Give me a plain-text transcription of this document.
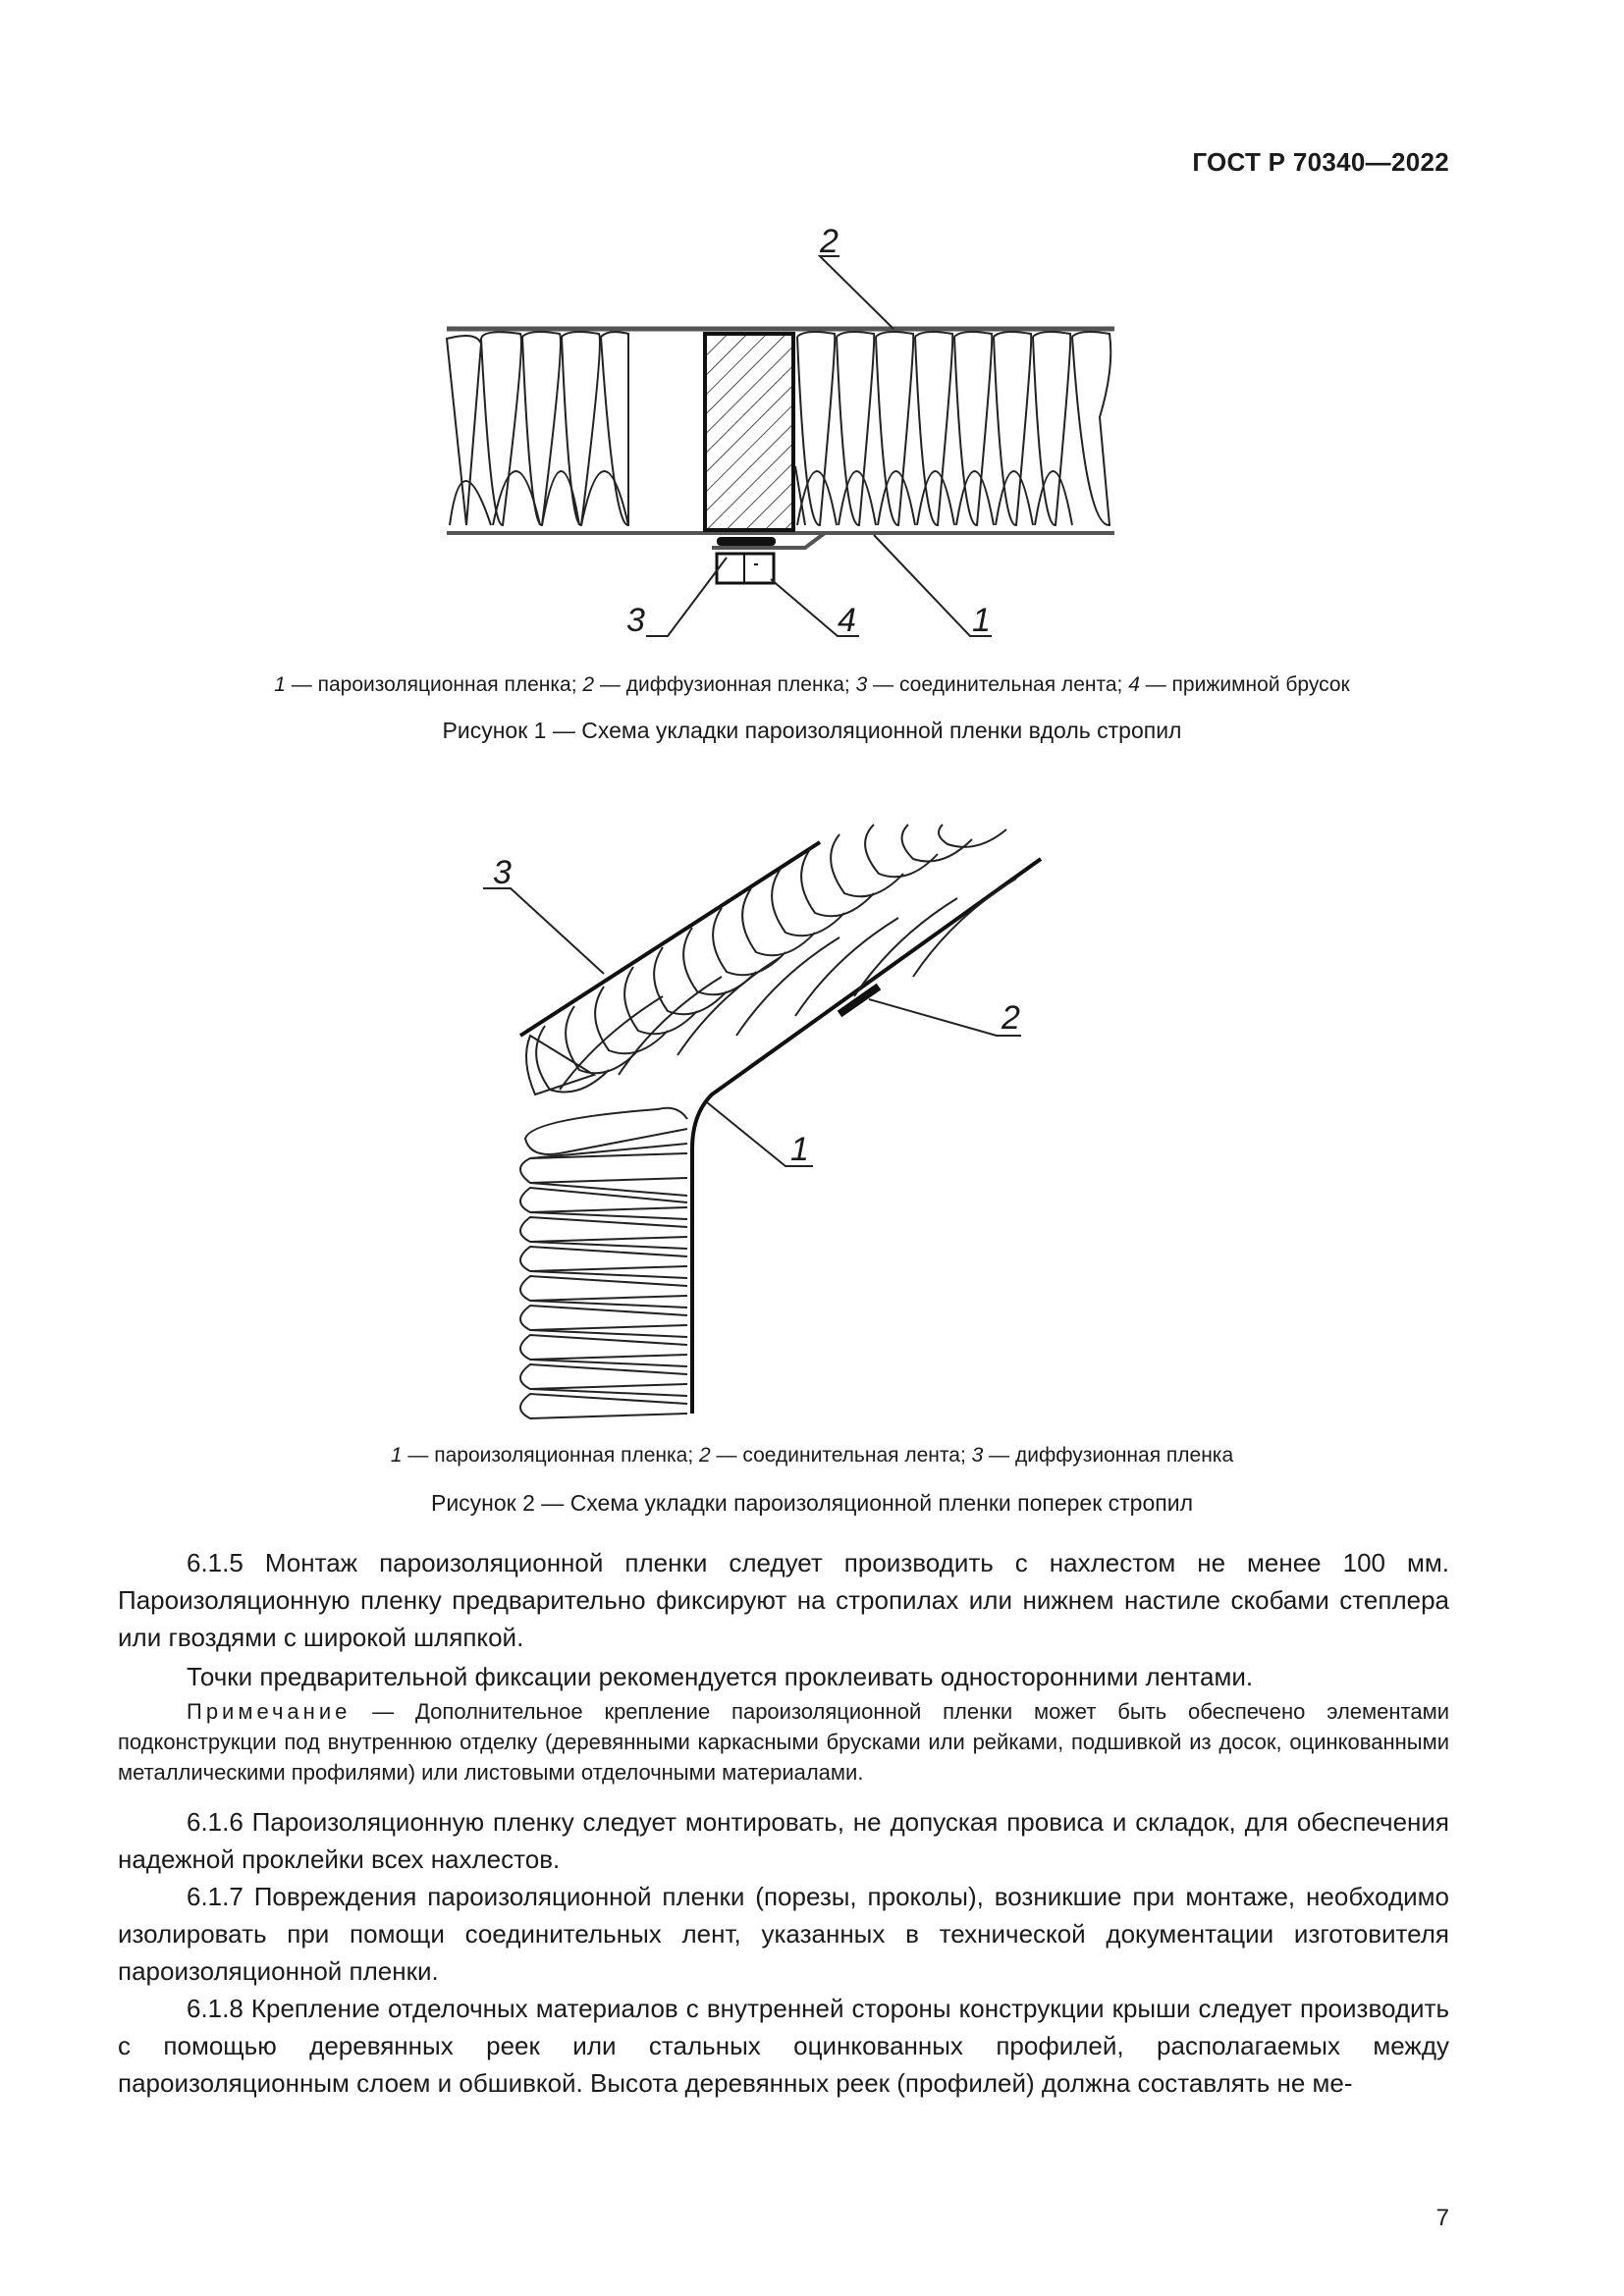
ГОСТ Р 70340—2022
2
3	4	1
1 — пароизоляционная пленка; 2 — диффузионная пленка; 3 — соединительная лента; 4 — прижимной брусок
Рисунок 1 — Схема укладки пароизоляционной пленки вдоль стропил
3
2
1
1 — пароизоляционная пленка; 2 — соединительная лента; 3 — диффузионная пленка
Рисунок 2 — Схема укладки пароизоляционной пленки поперек стропил

6.1.5 Монтаж пароизоляционной пленки следует производить с нахлестом не менее 100 мм. Пароизоляционную пленку предварительно фиксируют на стропилах или нижнем настиле скобами степлера или гвоздями с широкой шляпкой.

Точки предварительной фиксации рекомендуется проклеивать односторонними лентами.

Примечание — Дополнительное крепление пароизоляционной пленки может быть обеспечено элементами подконструкции под внутреннюю отделку (деревянными каркасными брусками или рейками, подшивкой из досок, оцинкованными металлическими профилями) или листовыми отделочными материалами.

6.1.6 Пароизоляционную пленку следует монтировать, не допуская провиса и складок, для обеспечения надежной проклейки всех нахлестов.

6.1.7 Повреждения пароизоляционной пленки (порезы, проколы), возникшие при монтаже, необходимо изолировать при помощи соединительных лент, указанных в технической документации изготовителя пароизоляционной пленки.

6.1.8 Крепление отделочных материалов с внутренней стороны конструкции крыши следует производить с помощью деревянных реек или стальных оцинкованных профилей, располагаемых между пароизоляционным слоем и обшивкой. Высота деревянных реек (профилей) должна составлять не ме-

7
